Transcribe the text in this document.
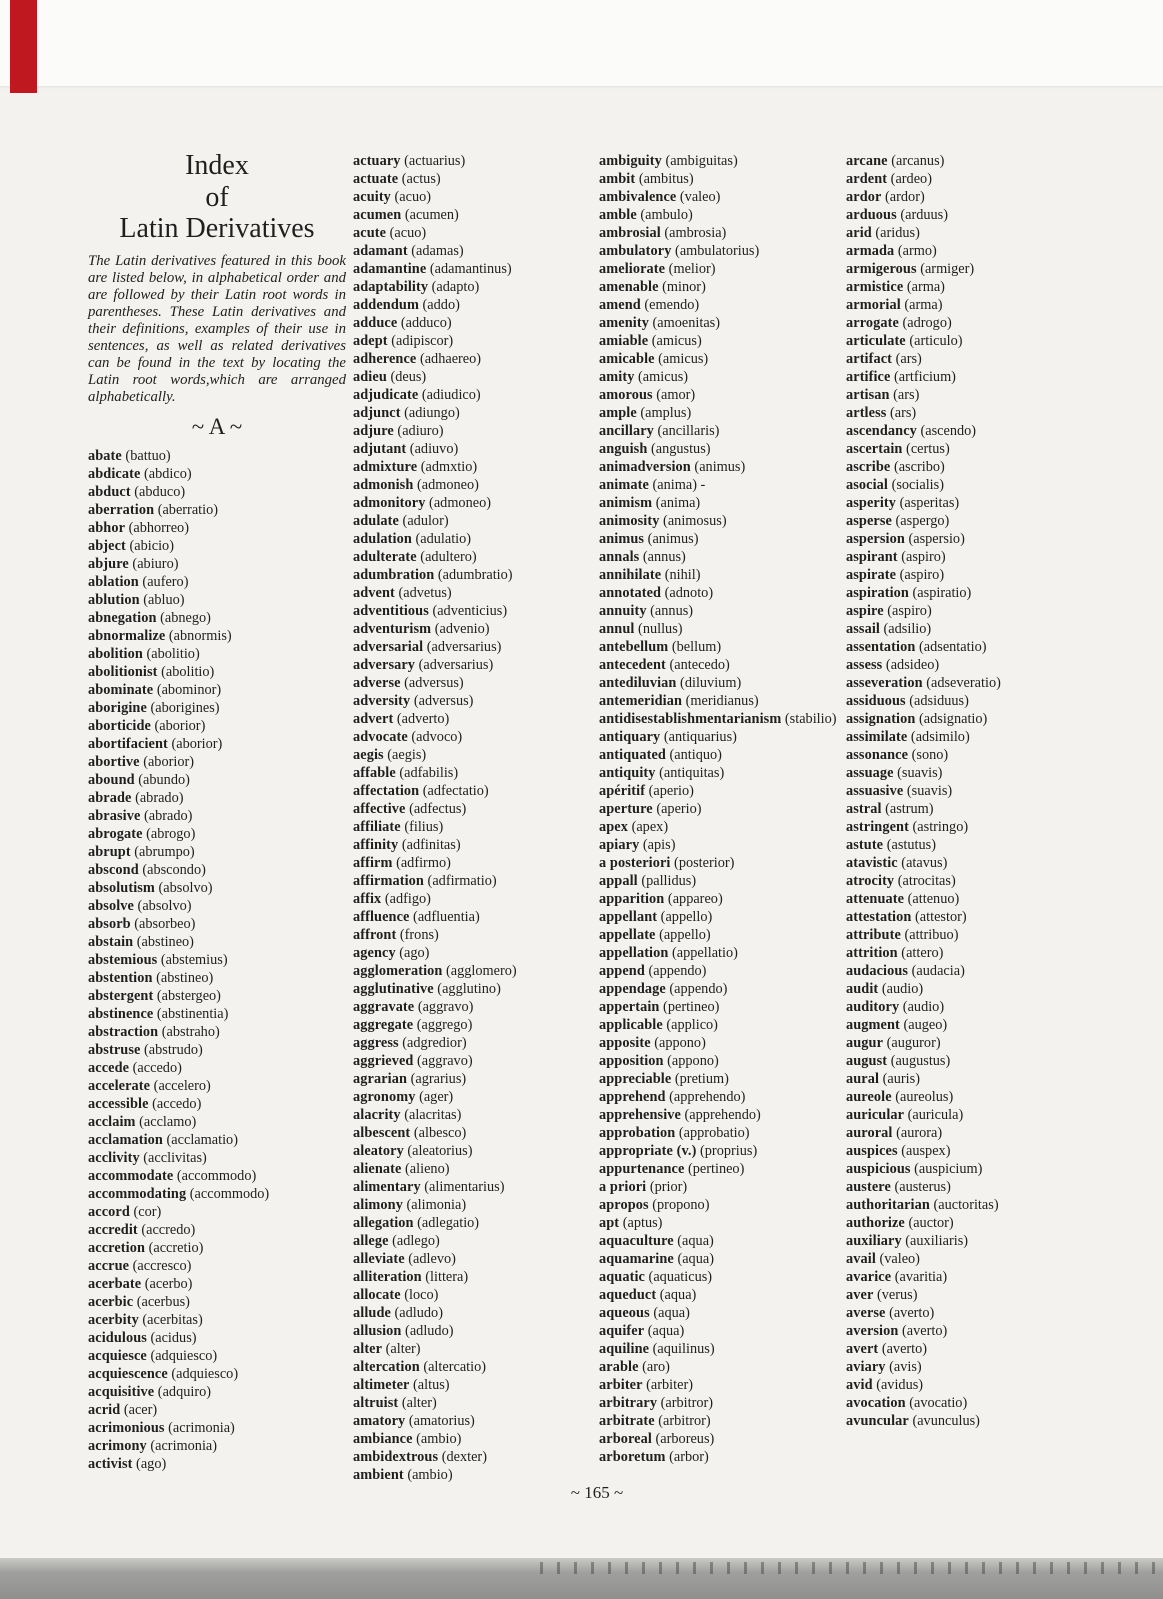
Index
of
Latin Derivatives
The Latin derivatives featured in this book are listed below, in alphabetical order and are followed by their Latin root words in parentheses. These Latin derivatives and their definitions, examples of their use in sentences, as well as related derivatives can be found in the text by locating the Latin root words,which are arranged alphabetically.
~ A ~
abate (battuo)
abdicate (abdico)
abduct (abduco)
aberration (aberratio)
abhor (abhorreo)
abject (abicio)
abjure (abiuro)
ablation (aufero)
ablution (abluo)
abnegation (abnego)
abnormalize (abnormis)
abolition (abolitio)
abolitionist (abolitio)
abominate (abominor)
aborigine (aborigines)
aborticide (aborior)
abortifacient (aborior)
abortive (aborior)
abound (abundo)
abrade (abrado)
abrasive (abrado)
abrogate (abrogo)
abrupt (abrumpo)
abscond (abscondo)
absolutism (absolvo)
absolve (absolvo)
absorb (absorbeo)
abstain (abstineo)
abstemious (abstemius)
abstention (abstineo)
abstergent (abstergeo)
abstinence (abstinentia)
abstraction (abstraho)
abstruse (abstrudo)
accede (accedo)
accelerate (accelero)
accessible (accedo)
acclaim (acclamo)
acclamation (acclamatio)
acclivity (acclivitas)
accommodate (accommodo)
accommodating (accommodo)
accord (cor)
accredit (accredo)
accretion (accretio)
accrue (accresco)
acerbate (acerbo)
acerbic (acerbus)
acerbity (acerbitas)
acidulous (acidus)
acquiesce (adquiesco)
acquiescence (adquiesco)
acquisitive (adquiro)
acrid (acer)
acrimonious (acrimonia)
acrimony (acrimonia)
activist (ago)
actuary (actuarius)
actuate (actus)
acuity (acuo)
acumen (acumen)
acute (acuo)
adamant (adamas)
adamantine (adamantinus)
adaptability (adapto)
addendum (addo)
adduce (adduco)
adept (adipiscor)
adherence (adhaereo)
adieu (deus)
adjudicate (adiudico)
adjunct (adiungo)
adjure (adiuro)
adjutant (adiuvo)
admixture (admxtio)
admonish (admoneo)
admonitory (admoneo)
adulate (adulor)
adulation (adulatio)
adulterate (adultero)
adumbration (adumbratio)
advent (advetus)
adventitious (adventicius)
adventurism (advenio)
adversarial (adversarius)
adversary (adversarius)
adverse (adversus)
adversity (adversus)
advert (adverto)
advocate (advoco)
aegis (aegis)
affable (adfabilis)
affectation (adfectatio)
affective (adfectus)
affiliate (filius)
affinity (adfinitas)
affirm (adfirmo)
affirmation (adfirmatio)
affix (adfigo)
affluence (adfluentia)
affront (frons)
agency (ago)
agglomeration (agglomero)
agglutinative (agglutino)
aggravate (aggravo)
aggregate (aggrego)
aggress (adgredior)
aggrieved (aggravo)
agrarian (agrarius)
agronomy (ager)
alacrity (alacritas)
albescent (albesco)
aleatory (aleatorius)
alienate (alieno)
alimentary (alimentarius)
alimony (alimonia)
allegation (adlegatio)
allege (adlego)
alleviate (adlevo)
alliteration (littera)
allocate (loco)
allude (adludo)
allusion (adludo)
alter (alter)
altercation (altercatio)
altimeter (altus)
altruist (alter)
amatory (amatorius)
ambiance (ambio)
ambidextrous (dexter)
ambient (ambio)
ambiguity (ambiguitas)
ambit (ambitus)
ambivalence (valeo)
amble (ambulo)
ambrosial (ambrosia)
ambulatory (ambulatorius)
ameliorate (melior)
amenable (minor)
amend (emendo)
amenity (amoenitas)
amiable (amicus)
amicable (amicus)
amity (amicus)
amorous (amor)
ample (amplus)
ancillary (ancillaris)
anguish (angustus)
animadversion (animus)
animate (anima) -
animism (anima)
animosity (animosus)
animus (animus)
annals (annus)
annihilate (nihil)
annotated (adnoto)
annuity (annus)
annul (nullus)
antebellum (bellum)
antecedent (antecedo)
antediluvian (diluvium)
antemeridian (meridianus)
antidisestablishmentarianism (stabilio)
antiquary (antiquarius)
antiquated (antiquo)
antiquity (antiquitas)
apéritif (aperio)
aperture (aperio)
apex (apex)
apiary (apis)
a posteriori (posterior)
appall (pallidus)
apparition (appareo)
appellant (appello)
appellate (appello)
appellation (appellatio)
append (appendo)
appendage (appendo)
appertain (pertineo)
applicable (applico)
apposite (appono)
apposition (appono)
appreciable (pretium)
apprehend (apprehendo)
apprehensive (apprehendo)
approbation (approbatio)
appropriate (v.) (proprius)
appurtenance (pertineo)
a priori (prior)
apropos (propono)
apt (aptus)
aquaculture (aqua)
aquamarine (aqua)
aquatic (aquaticus)
aqueduct (aqua)
aqueous (aqua)
aquifer (aqua)
aquiline (aquilinus)
arable (aro)
arbiter (arbiter)
arbitrary (arbitror)
arbitrate (arbitror)
arboreal (arboreus)
arboretum (arbor)
arcane (arcanus)
ardent (ardeo)
ardor (ardor)
arduous (arduus)
arid (aridus)
armada (armo)
armigerous (armiger)
armistice (arma)
armorial (arma)
arrogate (adrogo)
articulate (articulo)
artifact (ars)
artifice (artficium)
artisan (ars)
artless (ars)
ascendancy (ascendo)
ascertain (certus)
ascribe (ascribo)
asocial (socialis)
asperity (asperitas)
asperse (aspergo)
aspersion (aspersio)
aspirant (aspiro)
aspirate (aspiro)
aspiration (aspiratio)
aspire (aspiro)
assail (adsilio)
assentation (adsentatio)
assess (adsideo)
asseveration (adseveratio)
assiduous (adsiduus)
assignation (adsignatio)
assimilate (adsimilo)
assonance (sono)
assuage (suavis)
assuasive (suavis)
astral (astrum)
astringent (astringo)
astute (astutus)
atavistic (atavus)
atrocity (atrocitas)
attenuate (attenuo)
attestation (attestor)
attribute (attribuo)
attrition (attero)
audacious (audacia)
audit (audio)
auditory (audio)
augment (augeo)
augur (auguror)
august (augustus)
aural (auris)
aureole (aureolus)
auricular (auricula)
auroral (aurora)
auspices (auspex)
auspicious (auspicium)
austere (austerus)
authoritarian (auctoritas)
authorize (auctor)
auxiliary (auxiliaris)
avail (valeo)
avarice (avaritia)
aver (verus)
averse (averto)
aversion (averto)
avert (averto)
aviary (avis)
avid (avidus)
avocation (avocatio)
avuncular (avunculus)
~ 165 ~
